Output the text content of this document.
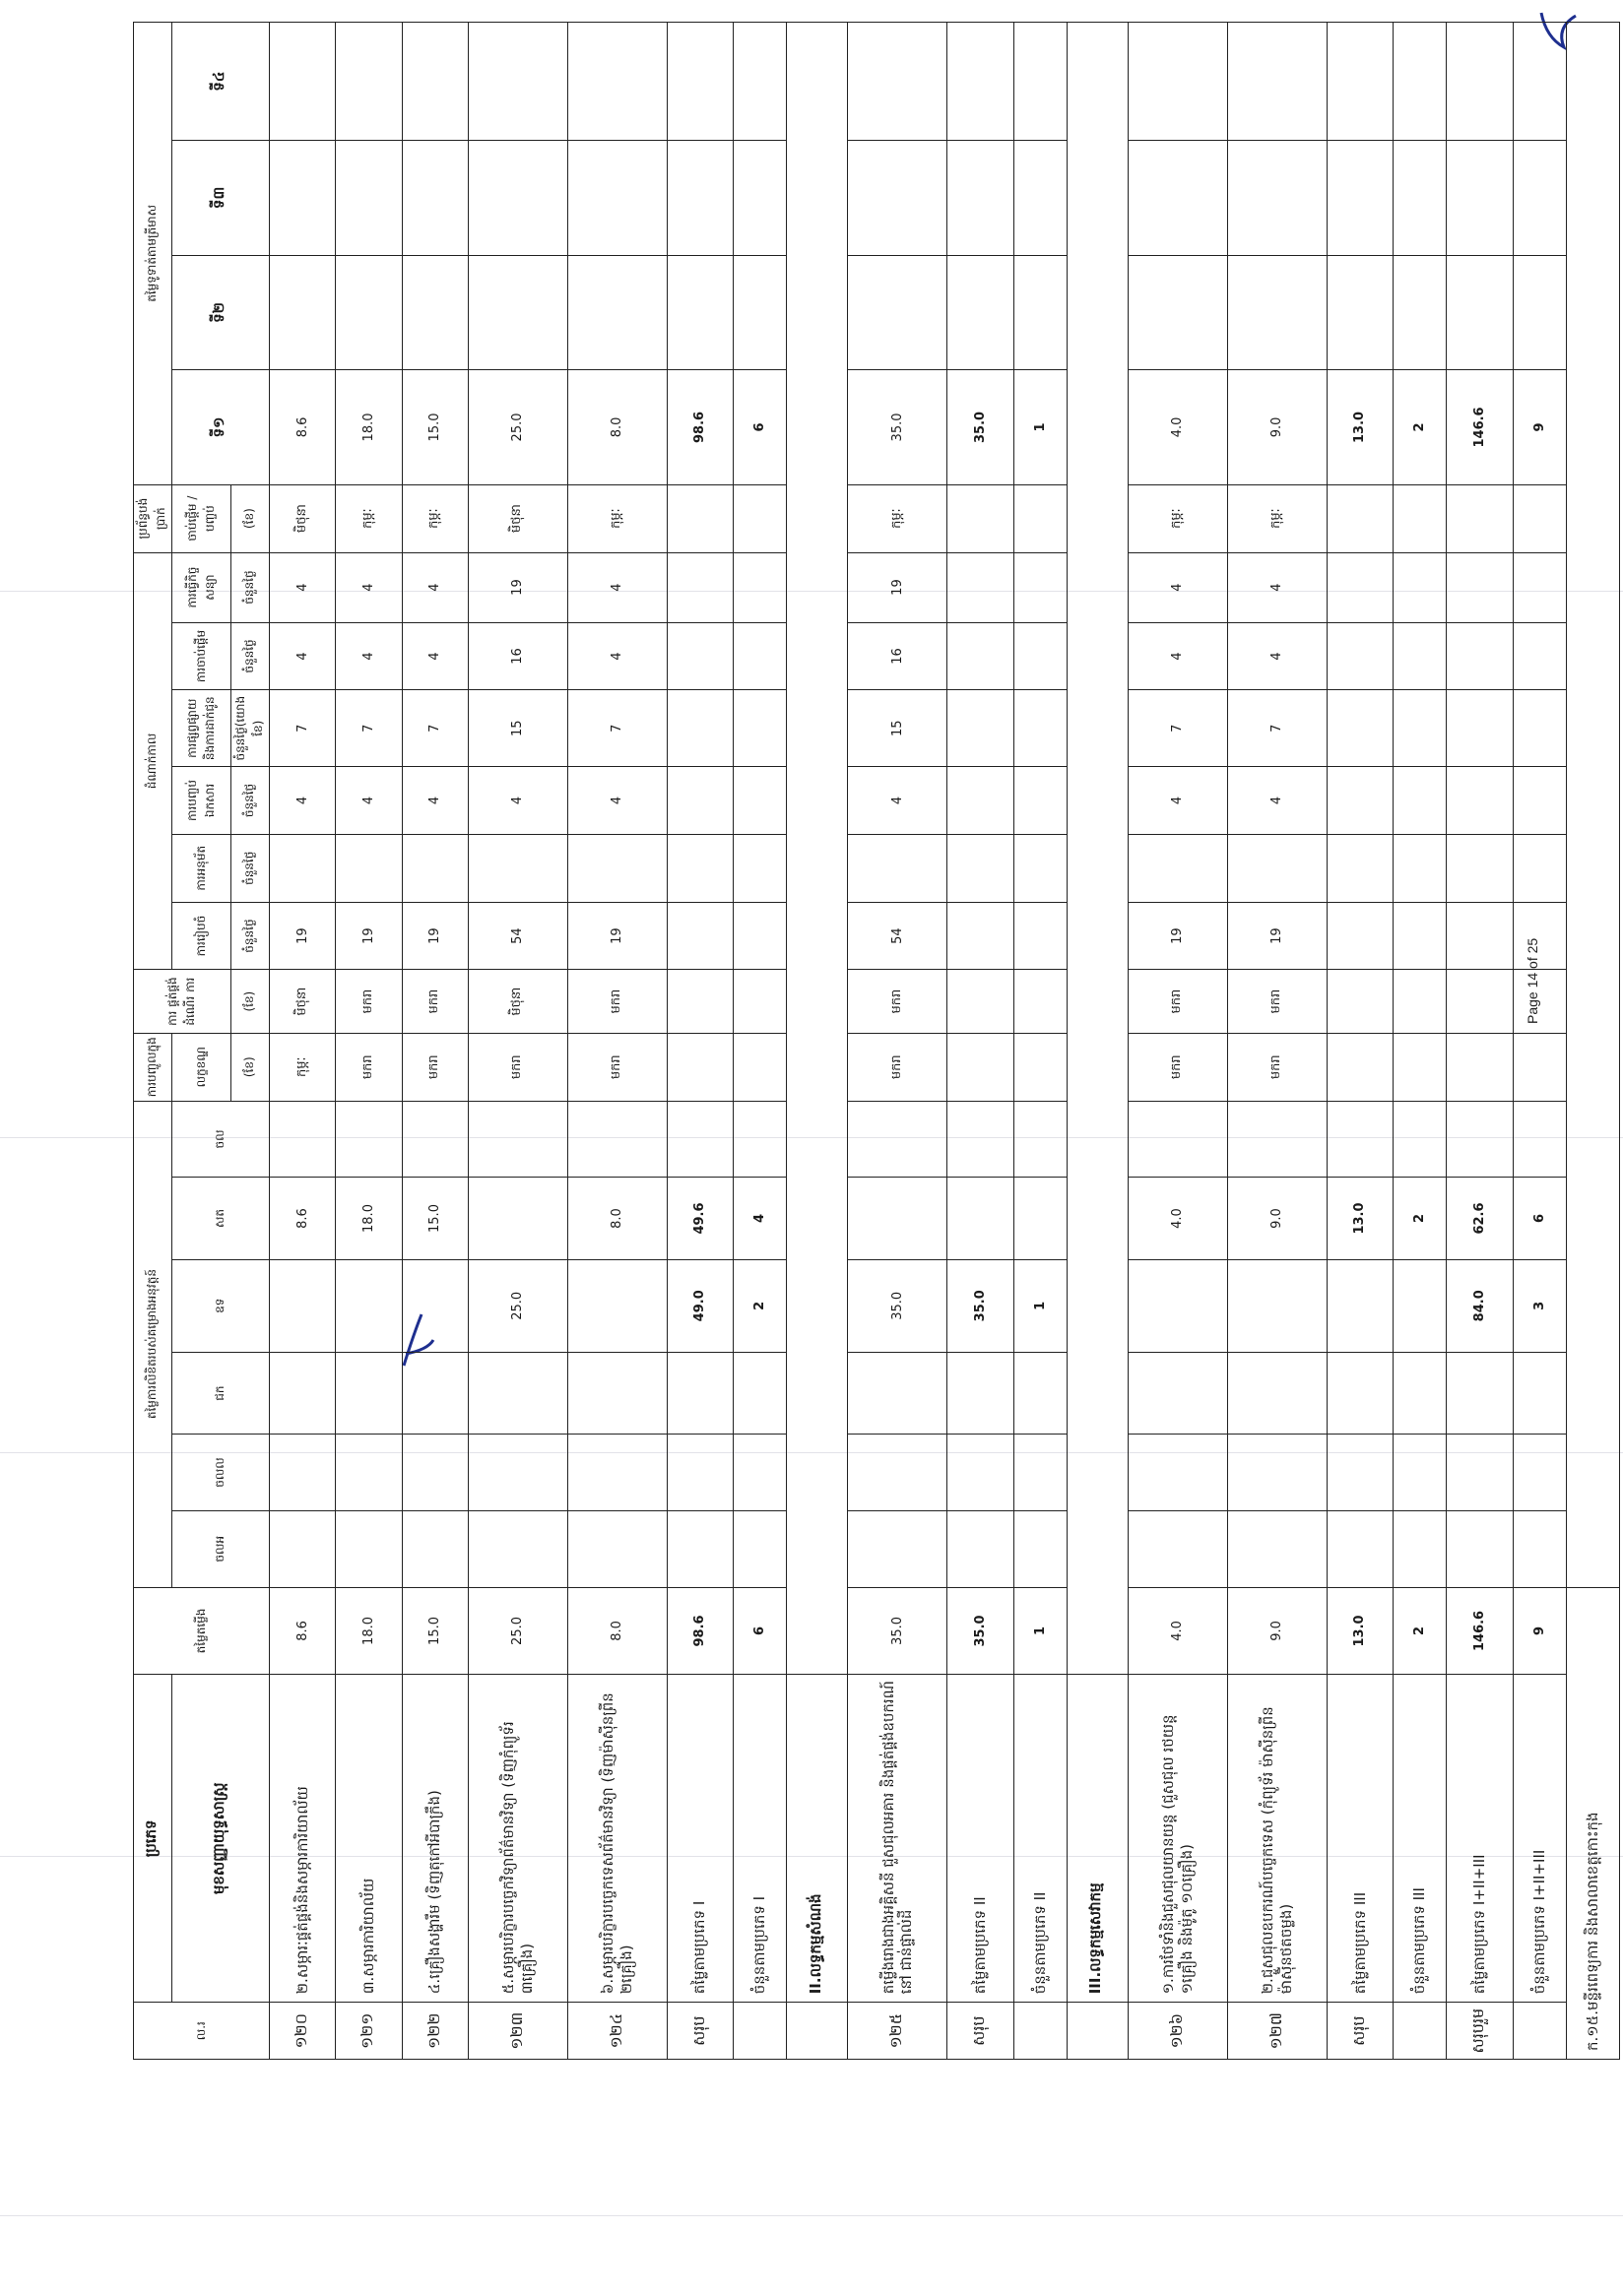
Page 14 of 25
ល.រ	ប្រភេទ	តម្លៃតម្លើង	តម្លៃការលិខិតរបស់គម្រោងអនុវត្តន៍						ការបញ្ចូលក្នុង	ការ ផ្គត់ផ្គង់ ដំណើរ ការ	ដំណាក់កាល						ប្រព័ន្ធបង់ប្រាក់	តម្លៃទូទាត់តាមត្រីមាស			
	មុខសញ្ញាយុទ្ធសាស្ត្រ		ចលអ	ចលល	ជក	ឧទ	សត	ចល	លក្ខខណ្ឌ		ការរៀបចំ	ការអនុម័ត	ការបញ្ចប់ ឯកសារ	ការផ្សព្វផ្សាយ និងការដាក់ជូន	ការចាប់ផ្តើម	ការធ្វើកិច្ចសន្យា	ចាប់ផ្តើម / បញ្ចប់	ទី១	ទី២	ទី៣	ទី៤
									(ខែ)	(ខែ)	ចំនួនថ្ងៃ	ចំនួនថ្ងៃ	ចំនួនថ្ងៃ	ចំនួនថ្ងៃ(យោង ខែ)	ចំនួនថ្ងៃ	ចំនួនថ្ងៃ	(ខែ)				
១២០	២.សម្ភារៈផ្គត់ផ្គង់និងសម្ភារការិយាល័យ	8.6					8.6		កុម្ភៈ	មិថុនា	19		4	7	4	4	មិថុនា	8.6			
១២១	៣.សម្ភារការិយាល័យ	18.0					18.0		មករា	មករា	19		4	7	4	4	កុម្ភៈ	18.0			
១២២	៤.គ្រឿងសង្ហារឹម (ទិញតុកៅអីបាក្រឹង)	15.0					15.0		មករា	មករា	19		4	7	4	4	កុម្ភៈ	15.0			
១២៣	៥.សម្ភារបរិក្ខារបច្ចេកវិទ្យាព័ត៌មានវិទ្យា (ទិញកុំព្យូទ័រ ៣គ្រឿង)	25.0				25.0			មករា	មិថុនា	54		4	15	16	19	មិថុនា	25.0			
១២៤	៦.សម្ភារបរិក្ខារបច្ចេកទេសព័ត៌មានវិទ្យា (ទិញម៉ាស៊ីនព្រីន ២គ្រឿង)	8.0					8.0		មករា	មករា	19		4	7	4	4	កុម្ភៈ	8.0			
សរុប	តម្លៃតាមប្រភេទ I	98.6				49.0	49.6											98.6			
	ចំនួនតាមប្រភេទ I	6				2	4											6			
	II.លទ្ធកម្មសំណង់																				
១២៥	តម្លើងរោងជាងអគ្គិសនី ជួសជុលអគារ និងផ្គត់ផ្គង់ឧបករណ៍នៅ ជាន់ផ្ទាល់ដី	35.0				35.0			មករា	មករា	54		4	15	16	19	កុម្ភៈ	35.0			
សរុប	តម្លៃតាមប្រភេទ II	35.0				35.0												35.0			
	ចំនួនតាមប្រភេទ II	1				1												1			
	III.លទ្ធកម្មសេវាកម្ម																				
១២៦	១.ការថែទាំនិងជួសជុលយានយន្ត (ជួសជុល រថយន្ត ១គ្រឿង និងម៉ូតូ ១០គ្រឿង)	4.0					4.0		មករា	មករា	19		4	7	4	4	កុម្ភៈ	4.0			
១២៧	២.ជួសជុលឧបករណ៍បច្ចេកទេស (កុំព្យូទ័រ ម៉ាស៊ីនព្រីន ម៉ាស៊ីនថតចម្លង)	9.0					9.0		មករា	មករា	19		4	7	4	4	កុម្ភៈ	9.0			
សរុប	តម្លៃតាមប្រភេទ III	13.0					13.0											13.0			
	ចំនួនតាមប្រភេទ III	2					2											2			
សរុបរួម	តម្លៃតាមប្រភេទ I+II+III	146.6				84.0	62.6											146.6			
	ចំនួនតាមប្រភេទ I+II+III	9				3	6											9			
ក.១៥.មន្ទីរពេទ្យការ និងសាលាខេត្តកោះកុង																					
